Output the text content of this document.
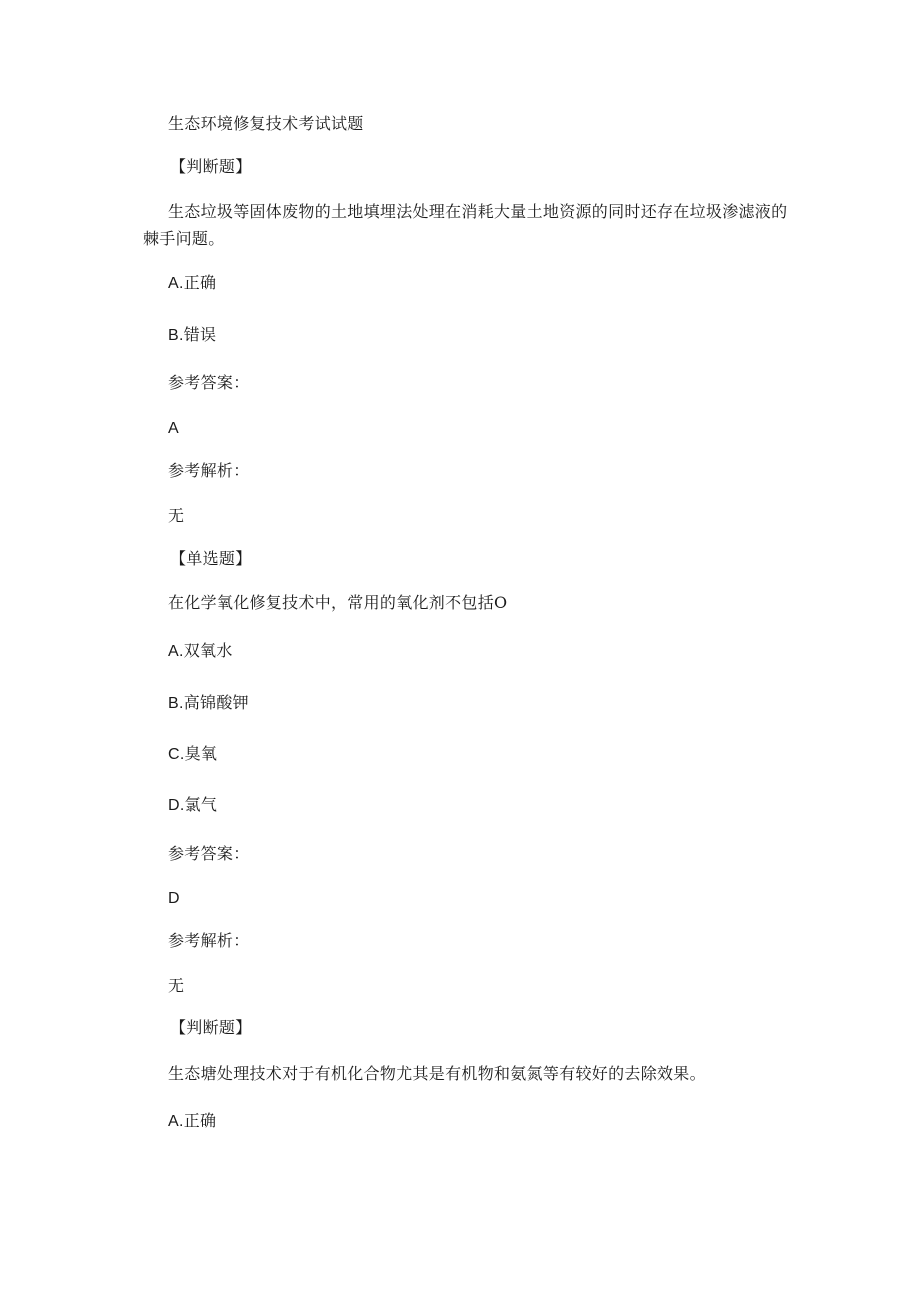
生态环境修复技术考试试题
【判断题】
生态垃圾等固体废物的土地填埋法处理在消耗大量土地资源的同时还存在垃圾渗滤液的棘手问题。
A.正确
B.错误
参考答案：
A
参考解析：
无
【单选题】
在化学氧化修复技术中，常用的氧化剂不包括O
A.双氧水
B.高锦酸钾
C.臭氧
D.氯气
参考答案：
D
参考解析：
无
【判断题】
生态塘处理技术对于有机化合物尤其是有机物和氨氮等有较好的去除效果。
A.正确
